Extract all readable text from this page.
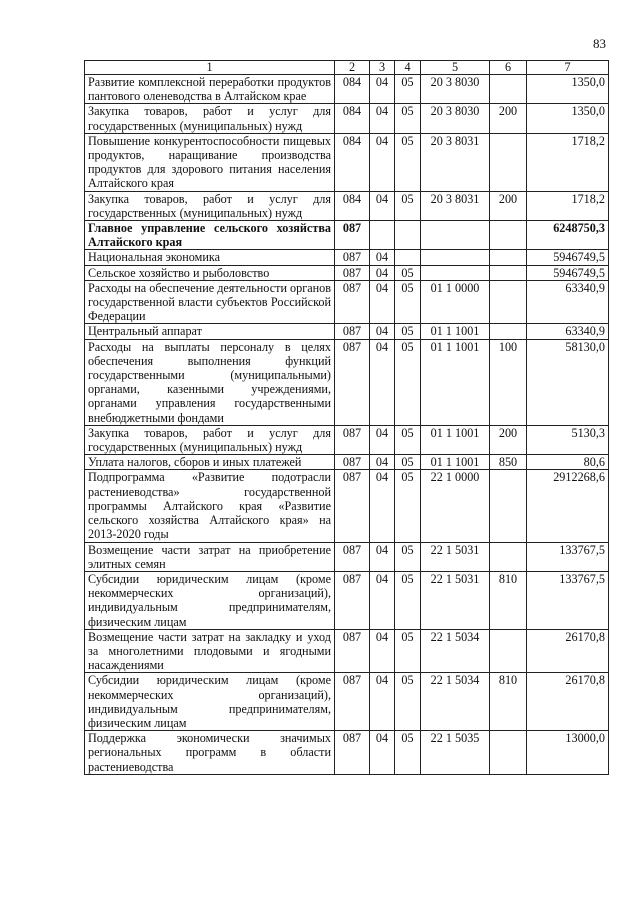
83
1	2	3	4	5	6	7
Развитие комплексной переработки продуктов пантового оленеводства в Алтайском крае	084	04	05	20 3 8030		1350,0
Закупка товаров, работ и услуг для государственных (муниципальных) нужд	084	04	05	20 3 8030	200	1350,0
Повышение конкурентоспособности пищевых продуктов, наращивание производства продуктов для здорового питания населения Алтайского края	084	04	05	20 3 8031		1718,2
Закупка товаров, работ и услуг для государственных (муниципальных) нужд	084	04	05	20 3 8031	200	1718,2
Главное управление сельского хозяйства Алтайского края	087					6248750,3
Национальная экономика	087	04				5946749,5
Сельское хозяйство и рыболовство	087	04	05			5946749,5
Расходы на обеспечение деятельности органов государственной власти субъектов Российской Федерации	087	04	05	01 1 0000		63340,9
Центральный аппарат	087	04	05	01 1 1001		63340,9
Расходы на выплаты персоналу в целях обеспечения выполнения функций государственными (муниципальными) органами, казенными учреждениями, органами управления государственными внебюджетными фондами	087	04	05	01 1 1001	100	58130,0
Закупка товаров, работ и услуг для государственных (муниципальных) нужд	087	04	05	01 1 1001	200	5130,3
Уплата налогов, сборов и иных платежей	087	04	05	01 1 1001	850	80,6
Подпрограмма «Развитие подотрасли растениеводства» государственной программы Алтайского края «Развитие сельского хозяйства Алтайского края» на 2013-2020 годы	087	04	05	22 1 0000		2912268,6
Возмещение части затрат на приобретение элитных семян	087	04	05	22 1 5031		133767,5
Субсидии юридическим лицам (кроме некоммерческих организаций), индивидуальным предпринимателям, физическим лицам	087	04	05	22 1 5031	810	133767,5
Возмещение части затрат на закладку и уход за многолетними плодовыми и ягодными насаждениями	087	04	05	22 1 5034		26170,8
Субсидии юридическим лицам (кроме некоммерческих организаций), индивидуальным предпринимателям, физическим лицам	087	04	05	22 1 5034	810	26170,8
Поддержка экономически значимых региональных программ в области растениеводства	087	04	05	22 1 5035		13000,0
